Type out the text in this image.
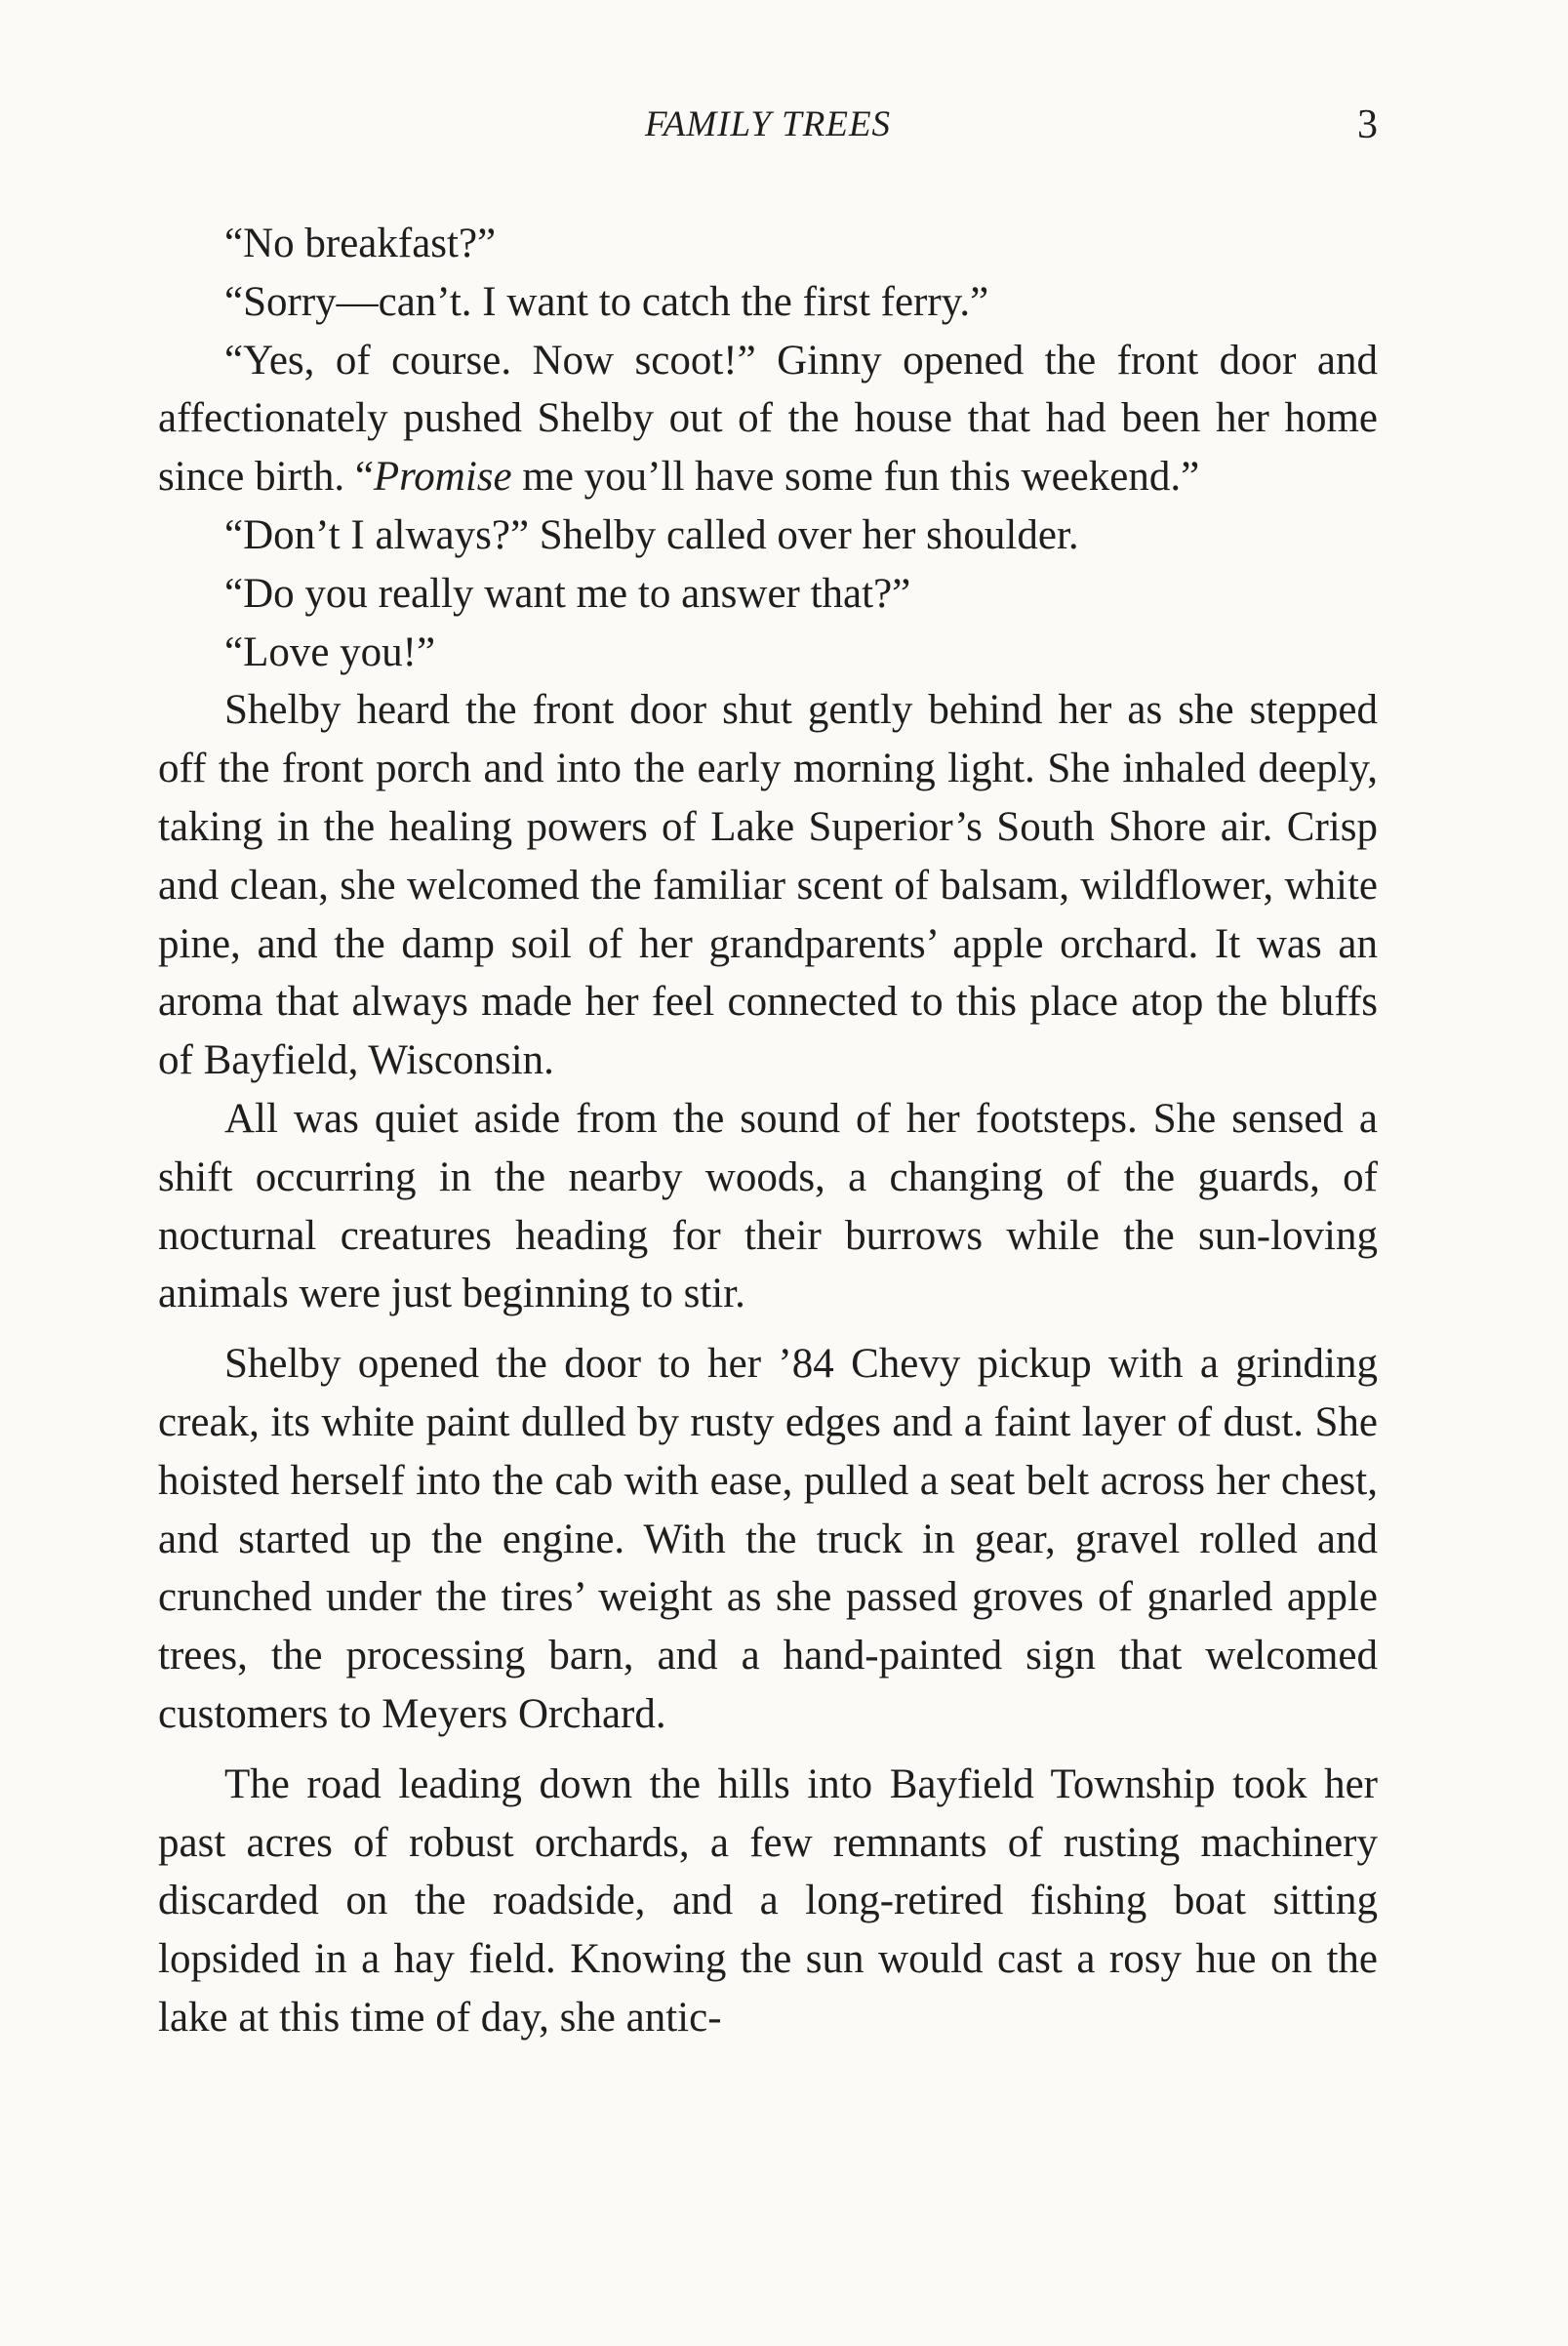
FAMILY TREES	3

“No breakfast?”

“Sorry—can’t. I want to catch the first ferry.”

“Yes, of course. Now scoot!” Ginny opened the front door and affectionately pushed Shelby out of the house that had been her home since birth. “Promise me you’ll have some fun this weekend.”

“Don’t I always?” Shelby called over her shoulder.

“Do you really want me to answer that?”

“Love you!”

Shelby heard the front door shut gently behind her as she stepped off the front porch and into the early morning light. She inhaled deeply, taking in the healing powers of Lake Superior’s South Shore air. Crisp and clean, she welcomed the familiar scent of balsam, wildflower, white pine, and the damp soil of her grandparents’ apple orchard. It was an aroma that always made her feel connected to this place atop the bluffs of Bayfield, Wisconsin.

All was quiet aside from the sound of her footsteps. She sensed a shift occurring in the nearby woods, a changing of the guards, of nocturnal creatures heading for their burrows while the sun-loving animals were just beginning to stir.

Shelby opened the door to her ’84 Chevy pickup with a grinding creak, its white paint dulled by rusty edges and a faint layer of dust. She hoisted herself into the cab with ease, pulled a seat belt across her chest, and started up the engine. With the truck in gear, gravel rolled and crunched under the tires’ weight as she passed groves of gnarled apple trees, the processing barn, and a hand-painted sign that welcomed customers to Meyers Orchard.

The road leading down the hills into Bayfield Township took her past acres of robust orchards, a few remnants of rusting machinery discarded on the roadside, and a long-retired fishing boat sitting lopsided in a hay field. Knowing the sun would cast a rosy hue on the lake at this time of day, she antic-
